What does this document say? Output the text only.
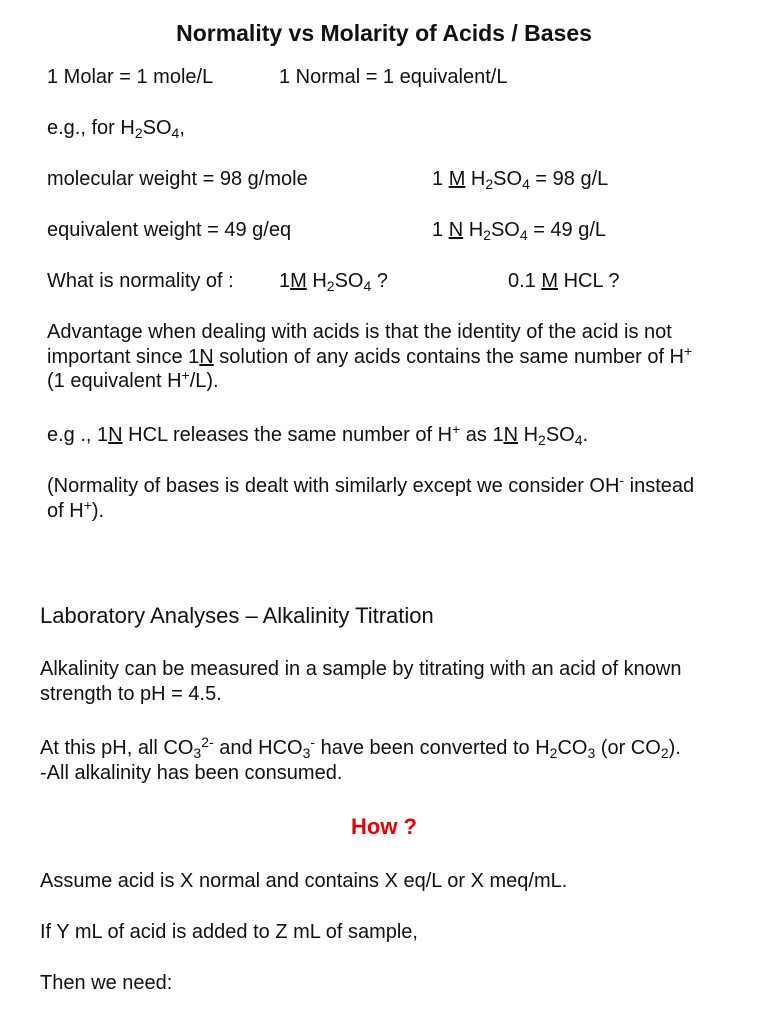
Normality vs Molarity of Acids / Bases
1 Molar = 1 mole/L	1 Normal = 1 equivalent/L
e.g., for $H_2SO_4$,
molecular weight = 98 g/mole	1 M $H_2SO_4 = 98$ g/L
equivalent weight = 49 g/eq	1 N $H_2SO_4 = 49$ g/L
What is normality of : 1M $H_2SO_4$ ?	0.1 M HCL ?
Advantage when dealing with acids is that the identity of the acid is not
important since 1N solution of any acids contains the same number of H+
(1 equivalent H+/L).
e.g ., 1N HCL releases the same number of H+ as 1N $H_2SO_4$.
(Normality of bases is dealt with similarly except we consider OH- instead
of H+).
Laboratory Analyses – Alkalinity Titration
Alkalinity can be measured in a sample by titrating with an acid of known
strength to pH = 4.5.
At this pH, all $CO_3^{2-}$ and $HCO_3^-$ have been converted to $H_2CO_3$ (or $CO_2$).
-All alkalinity has been consumed.
How ?
Assume acid is X normal and contains X eq/L or X meq/mL.
If Y mL of acid is added to Z mL of sample,
Then we need:
